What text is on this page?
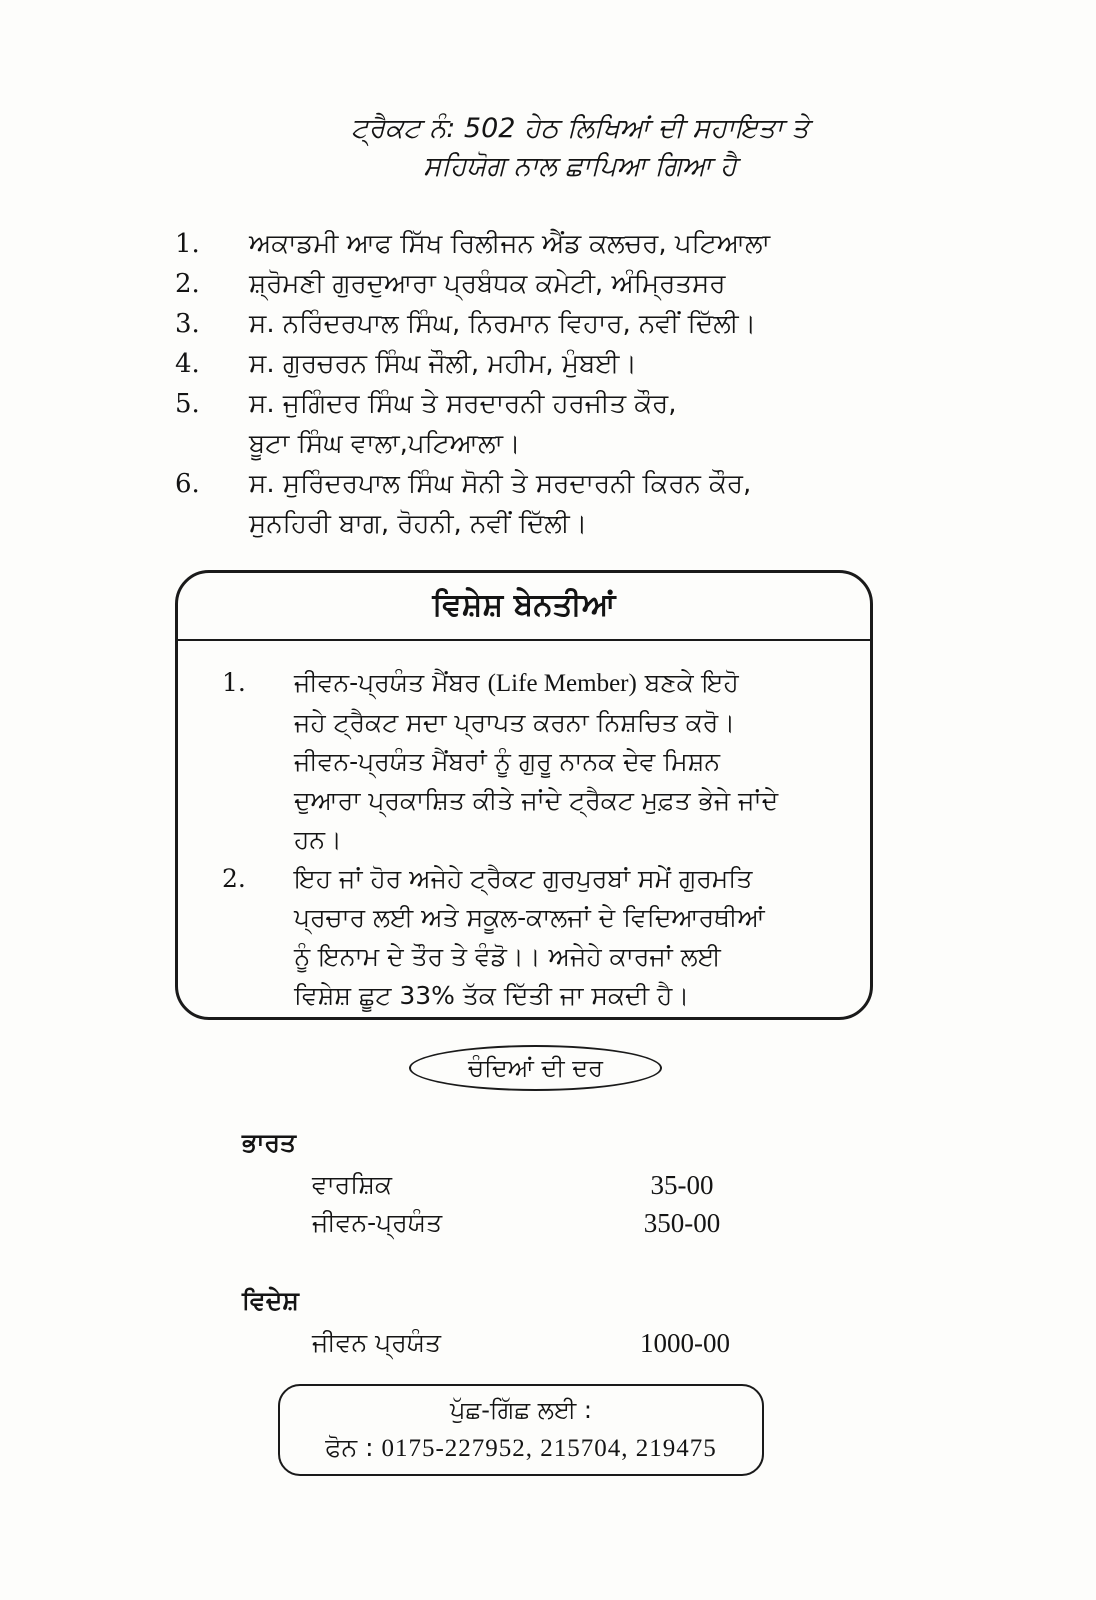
ਟ੍ਰੈਕਟ ਨੰ: 502 ਹੇਠ ਲਿਖਿਆਂ ਦੀ ਸਹਾਇਤਾ ਤੇ
ਸਹਿਯੋਗ ਨਾਲ ਛਾਪਿਆ ਗਿਆ ਹੈ
1.	ਅਕਾਡਮੀ ਆਫ ਸਿੱਖ ਰਿਲੀਜਨ ਐਂਡ ਕਲਚਰ, ਪਟਿਆਲਾ
2.	ਸ਼੍ਰੋਮਣੀ ਗੁਰਦੁਆਰਾ ਪ੍ਰਬੰਧਕ ਕਮੇਟੀ, ਅੰਮ੍ਰਿਤਸਰ
3.	ਸ. ਨਰਿੰਦਰਪਾਲ ਸਿੰਘ, ਨਿਰਮਾਨ ਵਿਹਾਰ, ਨਵੀਂ ਦਿੱਲੀ।
4.	ਸ. ਗੁਰਚਰਨ ਸਿੰਘ ਜੌਲੀ, ਮਹੀਮ, ਮੁੰਬਈ।
5.	ਸ. ਜੁਗਿੰਦਰ ਸਿੰਘ ਤੇ ਸਰਦਾਰਨੀ ਹਰਜੀਤ ਕੌਰ,
ਬੂਟਾ ਸਿੰਘ ਵਾਲਾ,ਪਟਿਆਲਾ।
6.	ਸ. ਸੁਰਿੰਦਰਪਾਲ ਸਿੰਘ ਸੋਨੀ ਤੇ ਸਰਦਾਰਨੀ ਕਿਰਨ ਕੌਰ,
ਸੁਨਹਿਰੀ ਬਾਗ, ਰੋਹਨੀ, ਨਵੀਂ ਦਿੱਲੀ।
ਵਿਸ਼ੇਸ਼ ਬੇਨਤੀਆਂ
1.	ਜੀਵਨ-ਪ੍ਰਯੰਤ ਮੈਂਬਰ (Life Member) ਬਣਕੇ ਇਹੋ
ਜਹੇ ਟ੍ਰੈਕਟ ਸਦਾ ਪ੍ਰਾਪਤ ਕਰਨਾ ਨਿਸ਼ਚਿਤ ਕਰੋ।
ਜੀਵਨ-ਪ੍ਰਯੰਤ ਮੈਂਬਰਾਂ ਨੂੰ ਗੁਰੂ ਨਾਨਕ ਦੇਵ ਮਿਸ਼ਨ
ਦੁਆਰਾ ਪ੍ਰਕਾਸ਼ਿਤ ਕੀਤੇ ਜਾਂਦੇ ਟ੍ਰੈਕਟ ਮੁਫ਼ਤ ਭੇਜੇ ਜਾਂਦੇ
ਹਨ।
2.	ਇਹ ਜਾਂ ਹੋਰ ਅਜੇਹੇ ਟ੍ਰੈਕਟ ਗੁਰਪੁਰਬਾਂ ਸਮੇਂ ਗੁਰਮਤਿ
ਪ੍ਰਚਾਰ ਲਈ ਅਤੇ ਸਕੂਲ-ਕਾਲਜਾਂ ਦੇ ਵਿਦਿਆਰਥੀਆਂ
ਨੂੰ ਇਨਾਮ ਦੇ ਤੌਰ ਤੇ ਵੰਡੋ।। ਅਜੇਹੇ ਕਾਰਜਾਂ ਲਈ
ਵਿਸ਼ੇਸ਼ ਛੂਟ 33% ਤੱਕ ਦਿੱਤੀ ਜਾ ਸਕਦੀ ਹੈ।
ਚੰਦਿਆਂ ਦੀ ਦਰ
ਭਾਰਤ
ਵਾਰਸ਼ਿਕ	35-00
ਜੀਵਨ-ਪ੍ਰਯੰਤ	350-00
ਵਿਦੇਸ਼
ਜੀਵਨ ਪ੍ਰਯੰਤ	1000-00
ਪੁੱਛ-ਗਿੱਛ ਲਈ :
ਫੋਨ : 0175-227952, 215704, 219475
